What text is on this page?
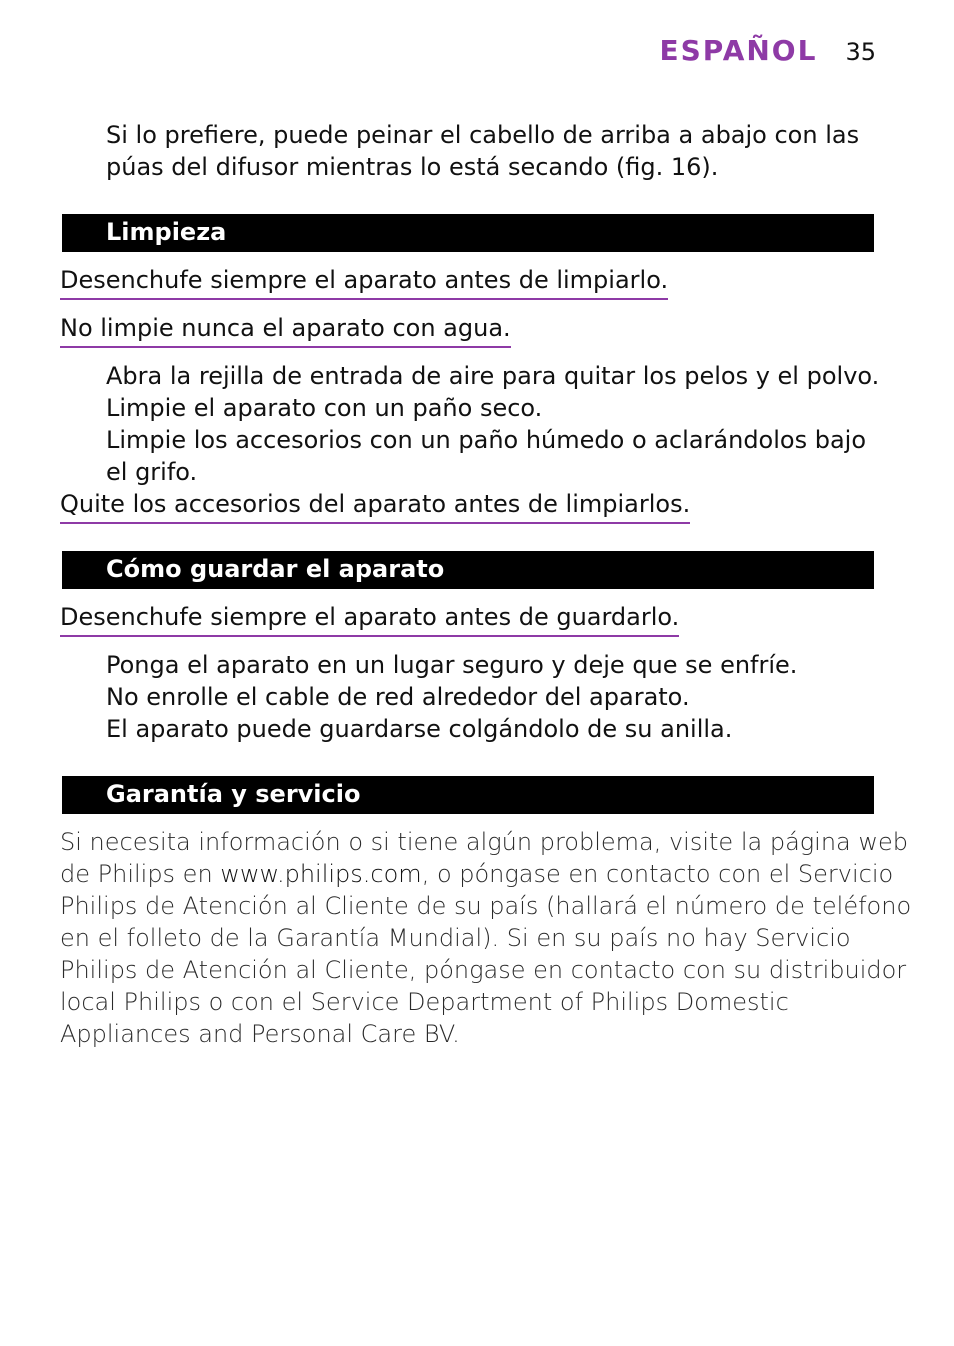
ESPAÑOL 35
Si lo prefiere, puede peinar el cabello de arriba a abajo con las
púas del difusor mientras lo está secando (fig. 16).
Limpieza
Desenchufe siempre el aparato antes de limpiarlo.
No limpie nunca el aparato con agua.
Abra la rejilla de entrada de aire para quitar los pelos y el polvo.
Limpie el aparato con un paño seco.
Limpie los accesorios con un paño húmedo o aclarándolos bajo
el grifo.
Quite los accesorios del aparato antes de limpiarlos.
Cómo guardar el aparato
Desenchufe siempre el aparato antes de guardarlo.
Ponga el aparato en un lugar seguro y deje que se enfríe.
No enrolle el cable de red alrededor del aparato.
El aparato puede guardarse colgándolo de su anilla.
Garantía y servicio
Si necesita información o si tiene algún problema, visite la página web
de Philips en www.philips.com, o póngase en contacto con el Servicio
Philips de Atención al Cliente de su país (hallará el número de teléfono
en el folleto de la Garantía Mundial). Si en su país no hay Servicio
Philips de Atención al Cliente, póngase en contacto con su distribuidor
local Philips o con el Service Department of Philips Domestic
Appliances and Personal Care BV.
